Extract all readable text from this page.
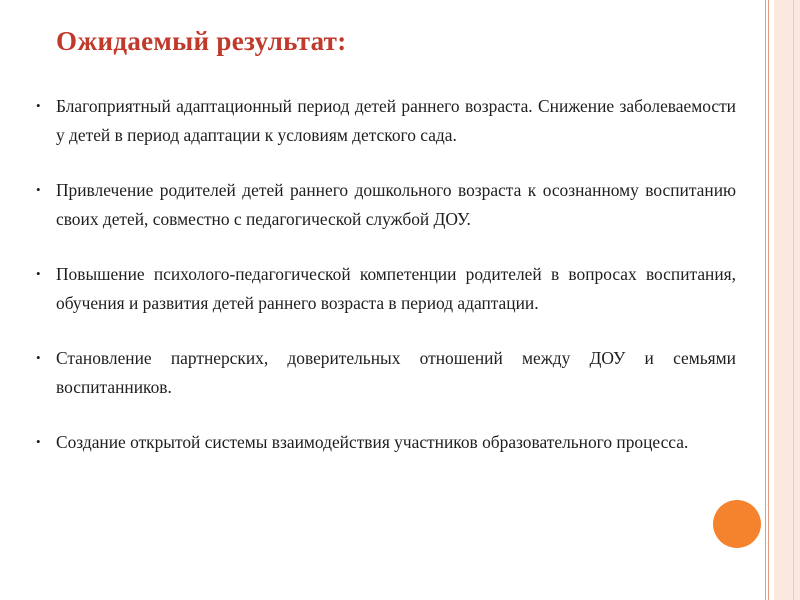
Ожидаемый результат:
• Благоприятный адаптационный период детей раннего возраста. Снижение заболеваемости у детей в период адаптации к условиям детского сада.
• Привлечение родителей детей раннего дошкольного возраста к осознанному воспитанию своих детей, совместно с педагогической службой ДОУ.
• Повышение психолого-педагогической компетенции родителей в вопросах воспитания, обучения и развития детей раннего возраста в период адаптации.
• Становление партнерских, доверительных отношений между ДОУ и семьями воспитанников.
• Создание открытой системы взаимодействия участников образовательного процесса.
